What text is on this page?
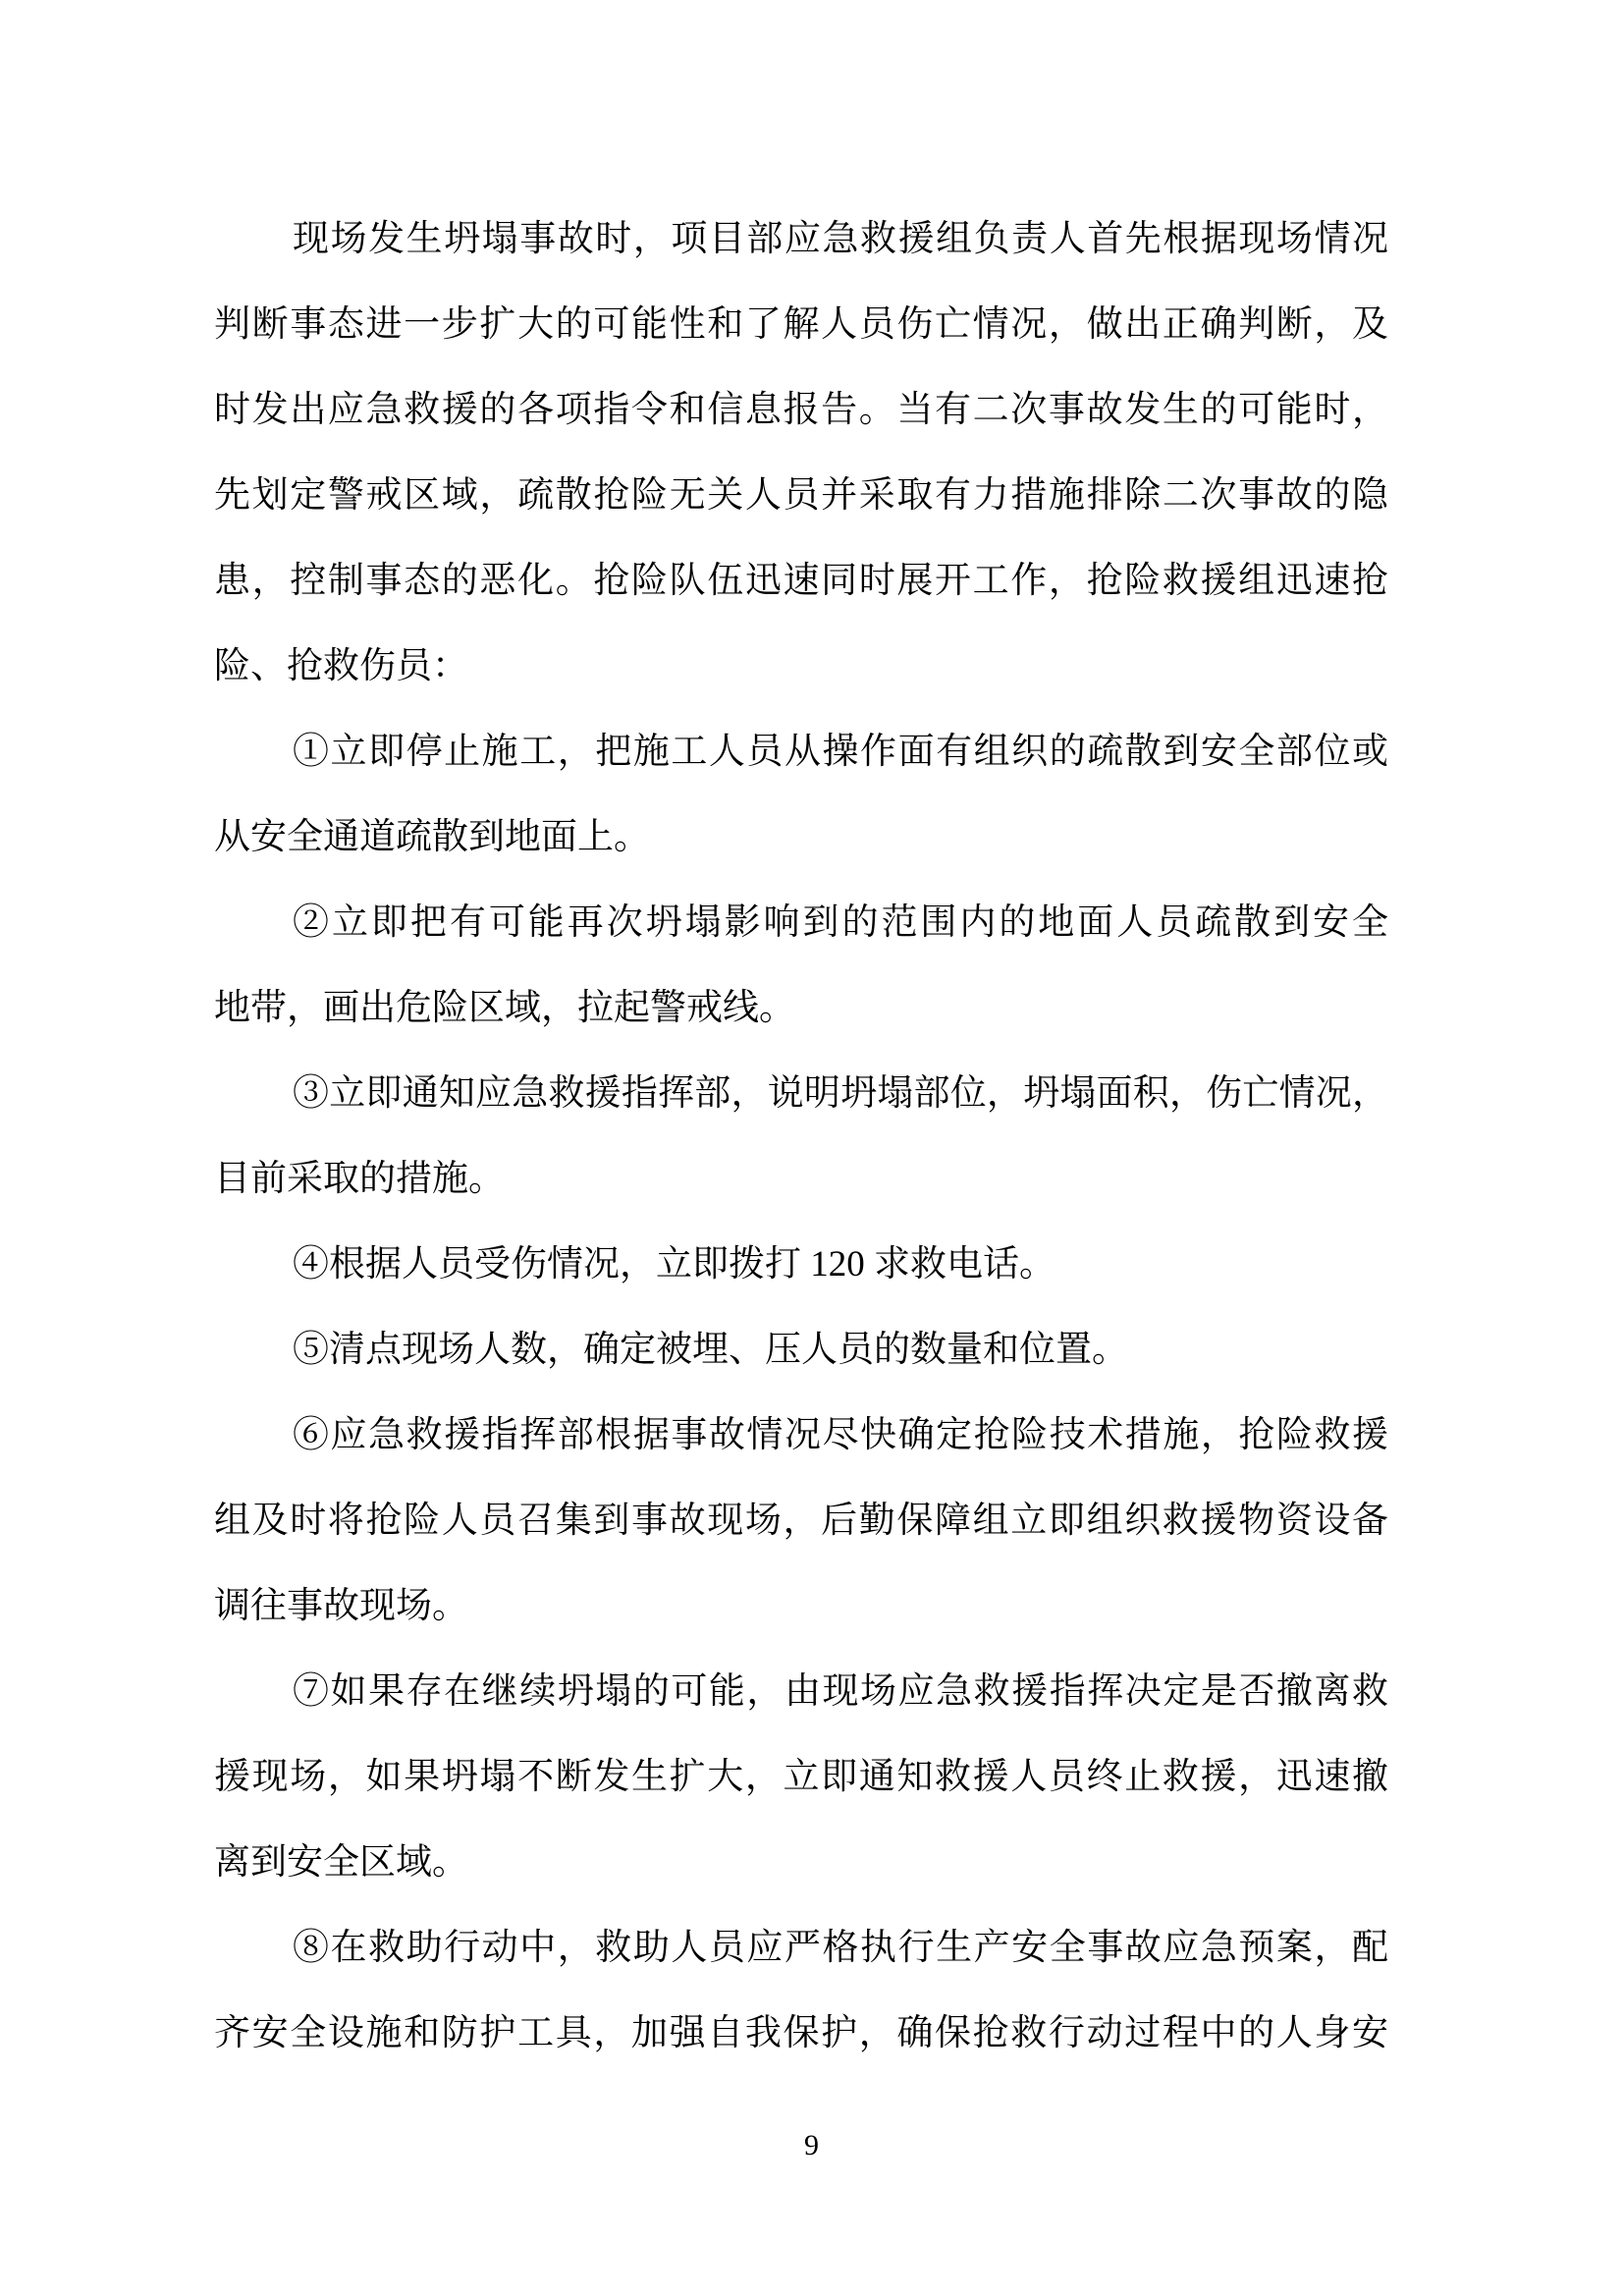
现场发生坍塌事故时，项目部应急救援组负责人首先根据现场情况
判断事态进一步扩大的可能性和了解人员伤亡情况，做出正确判断，及
时发出应急救援的各项指令和信息报告。当有二次事故发生的可能时，
先划定警戒区域，疏散抢险无关人员并采取有力措施排除二次事故的隐
患，控制事态的恶化。抢险队伍迅速同时展开工作，抢险救援组迅速抢
险、抢救伤员：
①立即停止施工，把施工人员从操作面有组织的疏散到安全部位或
从安全通道疏散到地面上。
②立即把有可能再次坍塌影响到的范围内的地面人员疏散到安全
地带，画出危险区域，拉起警戒线。
③立即通知应急救援指挥部，说明坍塌部位，坍塌面积，伤亡情况，
目前采取的措施。
④根据人员受伤情况，立即拨打 120 求救电话。
⑤清点现场人数，确定被埋、压人员的数量和位置。
⑥应急救援指挥部根据事故情况尽快确定抢险技术措施，抢险救援
组及时将抢险人员召集到事故现场，后勤保障组立即组织救援物资设备
调往事故现场。
⑦如果存在继续坍塌的可能，由现场应急救援指挥决定是否撤离救
援现场，如果坍塌不断发生扩大，立即通知救援人员终止救援，迅速撤
离到安全区域。
⑧在救助行动中，救助人员应严格执行生产安全事故应急预案，配
齐安全设施和防护工具，加强自我保护，确保抢救行动过程中的人身安
9
